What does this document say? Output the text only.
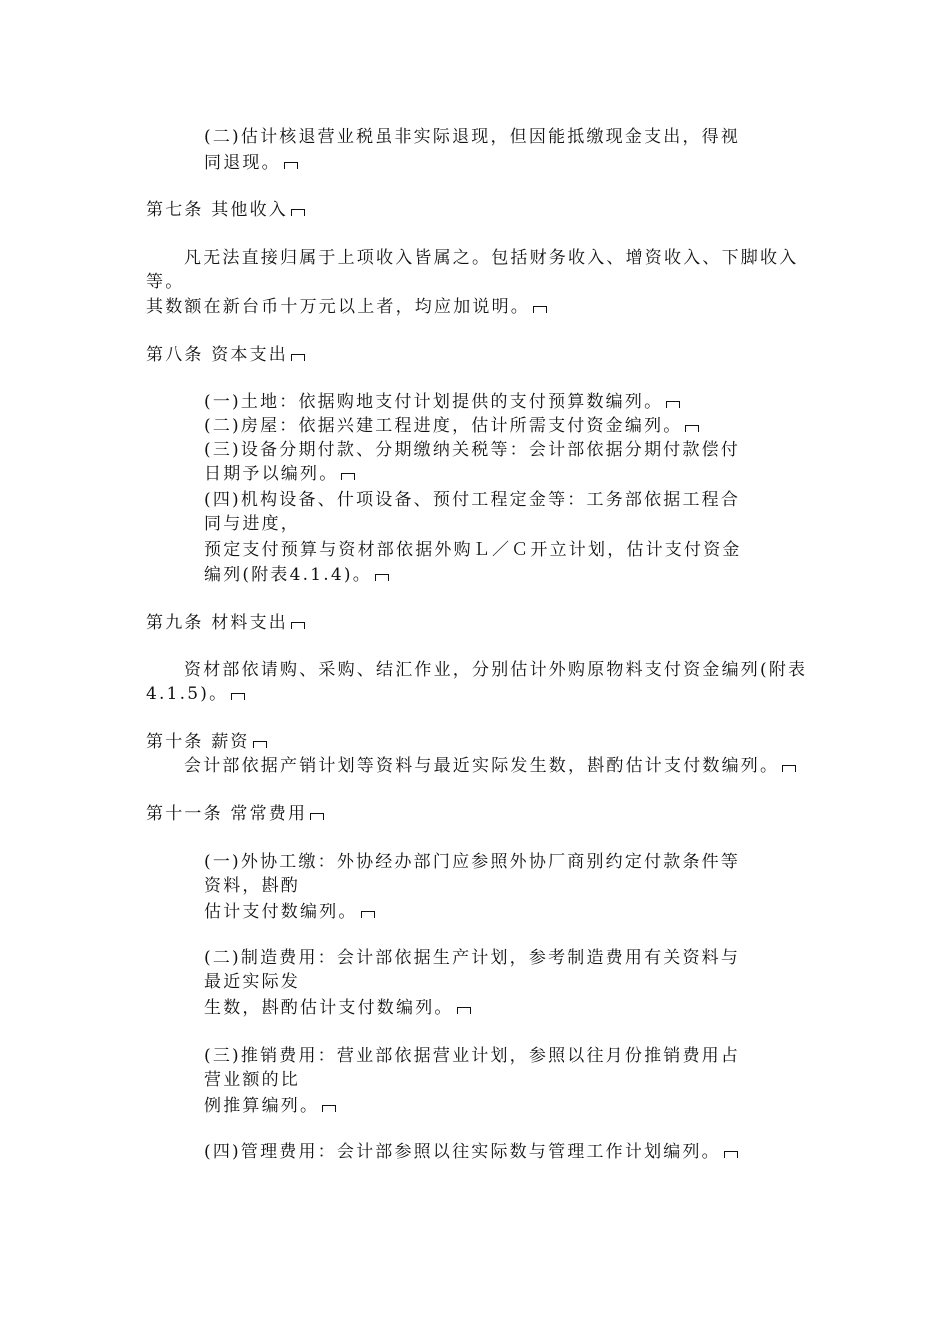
(二)估计核退营业税虽非实际退现，但因能抵缴现金支出，得视
同退现。
第七条 其他收入
凡无法直接归属于上项收入皆属之。包括财务收入、增资收入、下脚收入
等。
其数额在新台币十万元以上者，均应加说明。
第八条 资本支出
(一)土地：依据购地支付计划提供的支付预算数编列。
(二)房屋：依据兴建工程进度，估计所需支付资金编列。
(三)设备分期付款、分期缴纳关税等：会计部依据分期付款偿付
日期予以编列。
(四)机构设备、什项设备、预付工程定金等：工务部依据工程合
同与进度，
预定支付预算与资材部依据外购Ｌ／Ｃ开立计划，估计支付资金
编列(附表4.1.4)。
第九条 材料支出
资材部依请购、采购、结汇作业，分别估计外购原物料支付资金编列(附表
4.1.5)。
第十条 薪资
会计部依据产销计划等资料与最近实际发生数，斟酌估计支付数编列。
第十一条 常常费用
(一)外协工缴：外协经办部门应参照外协厂商别约定付款条件等
资料，斟酌
估计支付数编列。
(二)制造费用：会计部依据生产计划，参考制造费用有关资料与
最近实际发
生数，斟酌估计支付数编列。
(三)推销费用：营业部依据营业计划，参照以往月份推销费用占
营业额的比
例推算编列。
(四)管理费用：会计部参照以往实际数与管理工作计划编列。
